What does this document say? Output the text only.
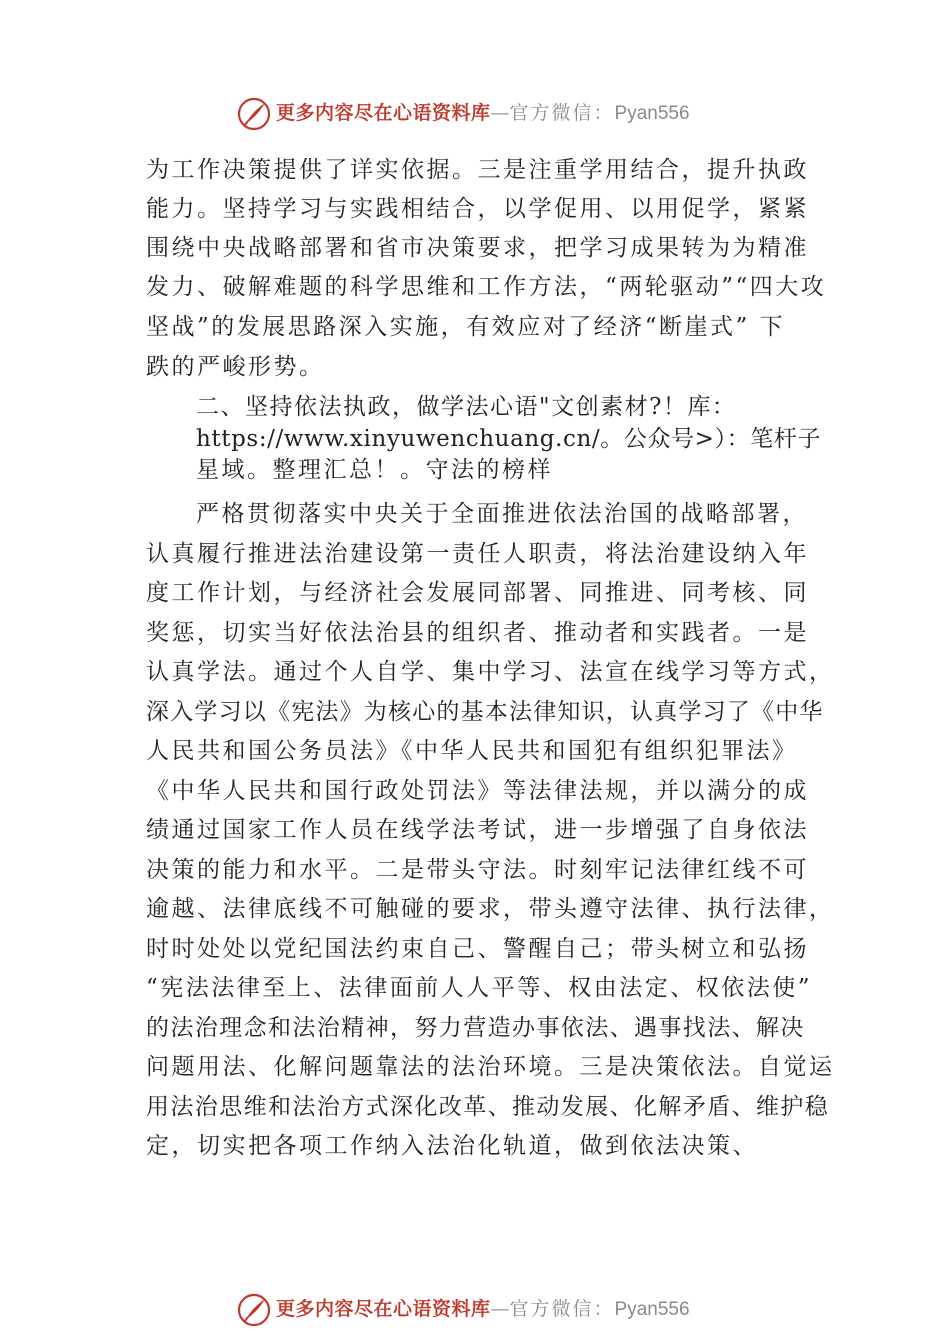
更多内容尽在心语资料库—官方微信：Pyan556
为工作决策提供了详实依据。三是注重学用结合，提升执政
能力。坚持学习与实践相结合，以学促用、以用促学，紧紧
围绕中央战略部署和省市决策要求，把学习成果转为为精准
发力、破解难题的科学思维和工作方法，“两轮驱动”“四大攻
坚战”的发展思路深入实施，有效应对了经济“断崖式” 下
跌的严峻形势。
二、坚持依法执政，做学法心语"文创素材?！库：
https://www.xinyuwenchuang.cn/。公众号>）：笔杆子
星域。整理汇总！。守法的榜样
严格贯彻落实中央关于全面推进依法治国的战略部署，
认真履行推进法治建设第一责任人职责，将法治建设纳入年
度工作计划，与经济社会发展同部署、同推进、同考核、同
奖惩，切实当好依法治县的组织者、推动者和实践者。一是
认真学法。通过个人自学、集中学习、法宣在线学习等方式，
深入学习以《宪法》为核心的基本法律知识，认真学习了《中华
人民共和国公务员法》《中华人民共和国犯有组织犯罪法》
《中华人民共和国行政处罚法》等法律法规，并以满分的成
绩通过国家工作人员在线学法考试，进一步增强了自身依法
决策的能力和水平。二是带头守法。时刻牢记法律红线不可
逾越、法律底线不可触碰的要求，带头遵守法律、执行法律，
时时处处以党纪国法约束自己、警醒自己；带头树立和弘扬
“宪法法律至上、法律面前人人平等、权由法定、权依法使”
的法治理念和法治精神，努力营造办事依法、遇事找法、解决
问题用法、化解问题靠法的法治环境。三是决策依法。自觉运
用法治思维和法治方式深化改革、推动发展、化解矛盾、维护稳
定，切实把各项工作纳入法治化轨道，做到依法决策、
更多内容尽在心语资料库—官方微信：Pyan556
